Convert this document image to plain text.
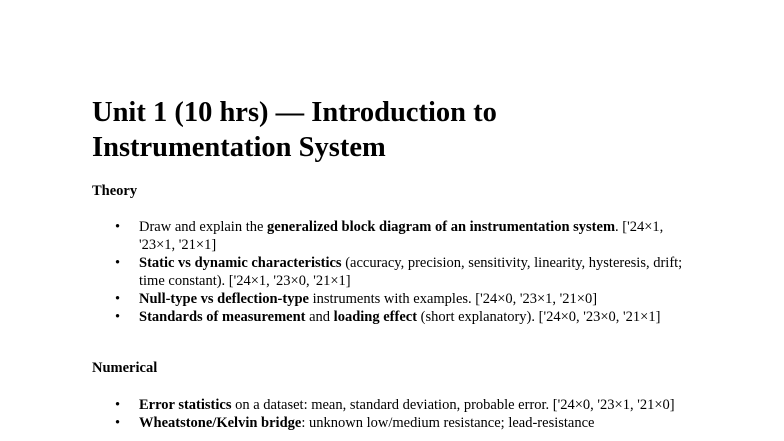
Unit 1 (10 hrs) — Introduction to
Instrumentation System
Theory
• Draw and explain the generalized block diagram of an instrumentation system. ['24×1, '23×1, '21×1]
• Static vs dynamic characteristics (accuracy, precision, sensitivity, linearity, hysteresis, drift; time constant). ['24×1, '23×0, '21×1]
• Null-type vs deflection-type instruments with examples. ['24×0, '23×1, '21×0]
• Standards of measurement and loading effect (short explanatory). ['24×0, '23×0, '21×1]
Numerical
• Error statistics on a dataset: mean, standard deviation, probable error. ['24×0, '23×1, '21×0]
• Wheatstone/Kelvin bridge: unknown low/medium resistance; lead-resistance
